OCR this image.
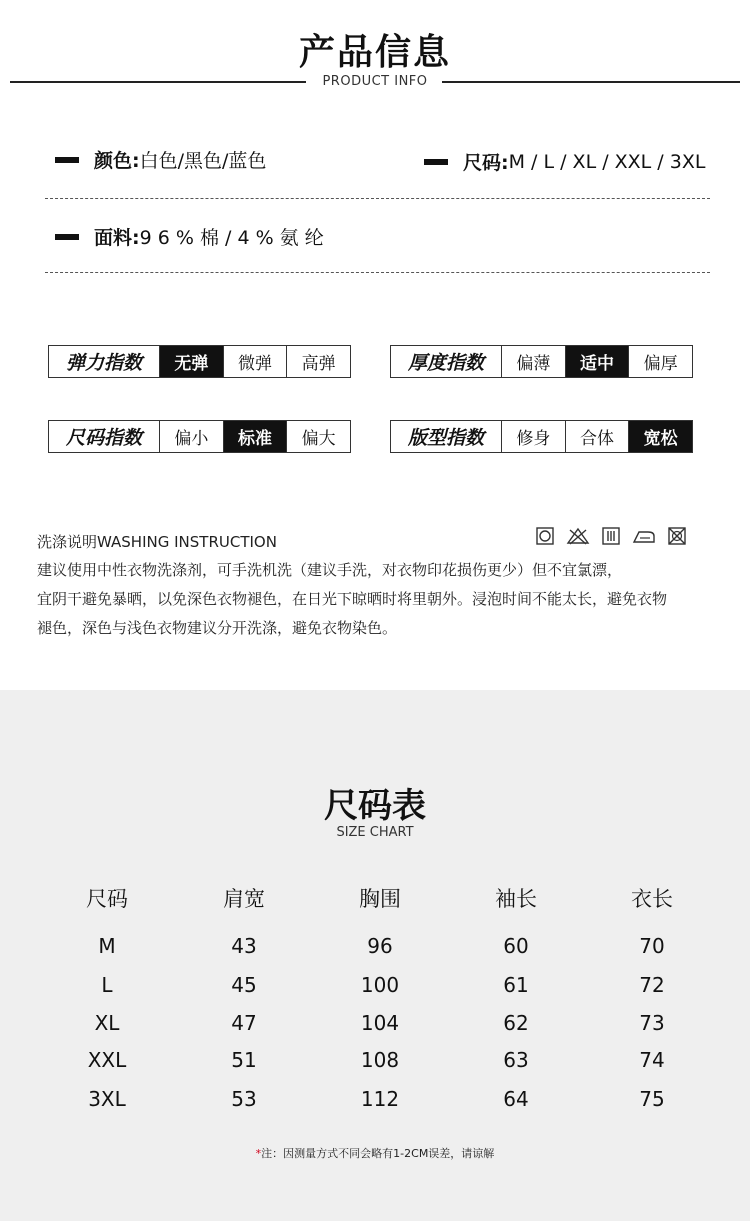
产品信息
PRODUCT INFO
颜色: 白色/黑色/蓝色	尺码: M / L / XL / XXL / 3XL
面料: 9 6 % 棉 / 4 % 氨 纶
弹力指数	无弹	微弹	高弹	厚度指数	偏薄	适中	偏厚
尺码指数	偏小	标准	偏大	版型指数	修身	合体	宽松
洗涤说明WASHING INSTRUCTION
建议使用中性衣物洗涤剂，可手洗机洗（建议手洗，对衣物印花损伤更少）但不宜氯漂，
宜阴干避免暴晒，以免深色衣物褪色，在日光下晾晒时将里朝外。浸泡时间不能太长，避免衣物
褪色，深色与浅色衣物建议分开洗涤，避免衣物染色。
尺码表
SIZE CHART
尺码	肩宽	胸围	袖长	衣长
M	43	96	60	70
L	45	100	61	72
XL	47	104	62	73
XXL	51	108	63	74
3XL	53	112	64	75
*注：因测量方式不同会略有1-2CM误差，请谅解
